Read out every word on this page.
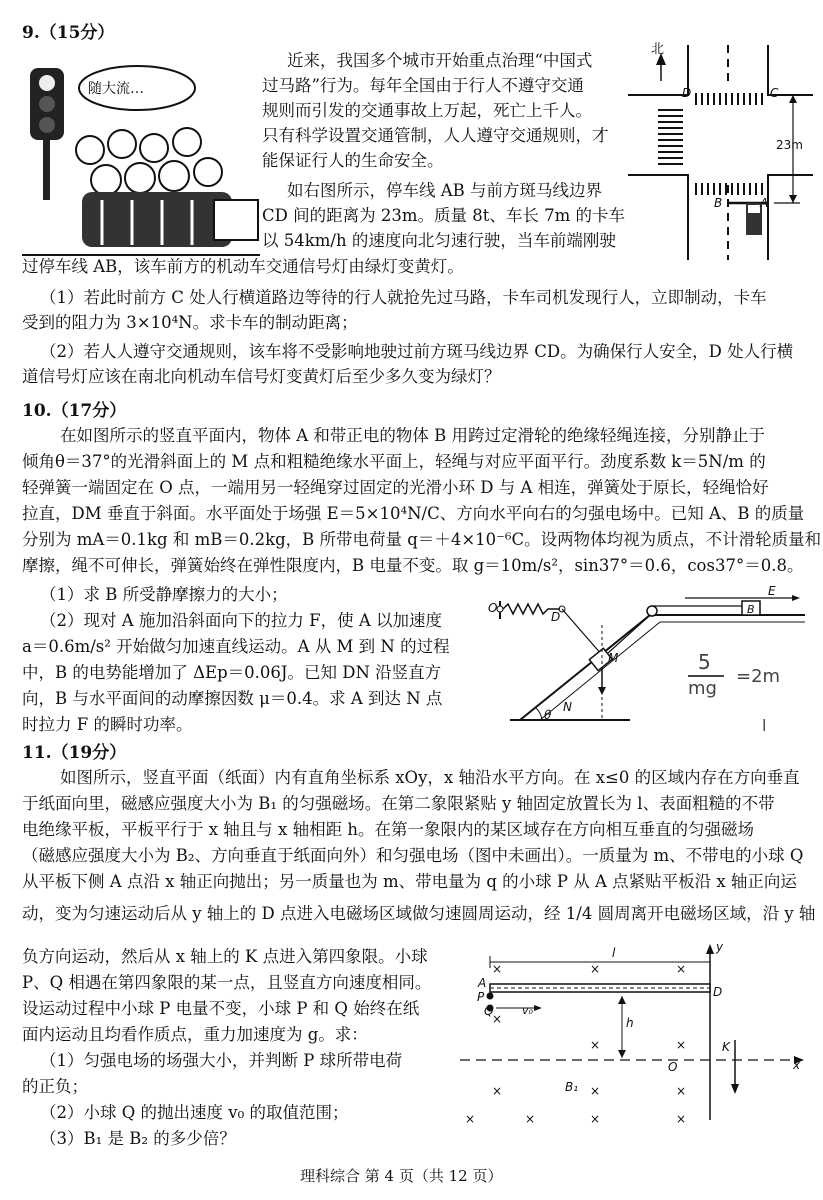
9.（15分）
随大流…
近来，我国多个城市开始重点治理“中国式
过马路”行为。每年全国由于行人不遵守交通
规则而引发的交通事故上万起，死亡上千人。
只有科学设置交通管制，人人遵守交通规则，才
能保证行人的生命安全。
如右图所示，停车线 AB 与前方斑马线边界
CD 间的距离为 23m。质量 8t、车长 7m 的卡车
以 54km/h 的速度向北匀速行驶，当车前端刚驶
过停车线 AB，该车前方的机动车交通信号灯由绿灯变黄灯。
北
C
D
A
B
23m
（1）若此时前方 C 处人行横道路边等待的行人就抢先过马路，卡车司机发现行人，立即制动，卡车
受到的阻力为 3×10⁴N。求卡车的制动距离；
（2）若人人遵守交通规则，该车将不受影响地驶过前方斑马线边界 CD。为确保行人安全，D 处人行横
道信号灯应该在南北向机动车信号灯变黄灯后至少多久变为绿灯？
10.（17分）
在如图所示的竖直平面内，物体 A 和带正电的物体 B 用跨过定滑轮的绝缘轻绳连接，分别静止于
倾角θ＝37°的光滑斜面上的 M 点和粗糙绝缘水平面上，轻绳与对应平面平行。劲度系数 k＝5N/m 的
轻弹簧一端固定在 O 点，一端用另一轻绳穿过固定的光滑小环 D 与 A 相连，弹簧处于原长，轻绳恰好
拉直，DM 垂直于斜面。水平面处于场强 E＝5×10⁴N/C、方向水平向右的匀强电场中。已知 A、B 的质量
分别为 mA＝0.1kg 和 mB＝0.2kg，B 所带电荷量 q＝＋4×10⁻⁶C。设两物体均视为质点，不计滑轮质量和
摩擦，绳不可伸长，弹簧始终在弹性限度内，B 电量不变。取 g＝10m/s²，sin37°＝0.6，cos37°＝0.8。
（1）求 B 所受静摩擦力的大小；
（2）现对 A 施加沿斜面向下的拉力 F，使 A 以加速度
a＝0.6m/s² 开始做匀加速直线运动。A 从 M 到 N 的过程
中，B 的电势能增加了 ΔEp＝0.06J。已知 DN 沿竖直方
向，B 与水平面间的动摩擦因数 μ＝0.4。求 A 到达 N 点
时拉力 F 的瞬时功率。
O
D
E
B
M
N
θ
5
mg
=2m
l
11.（19分）
如图所示，竖直平面（纸面）内有直角坐标系 xOy，x 轴沿水平方向。在 x≤0 的区域内存在方向垂直
于纸面向里，磁感应强度大小为 B₁ 的匀强磁场。在第二象限紧贴 y 轴固定放置长为 l、表面粗糙的不带
电绝缘平板，平板平行于 x 轴且与 x 轴相距 h。在第一象限内的某区域存在方向相互垂直的匀强磁场
（磁感应强度大小为 B₂、方向垂直于纸面向外）和匀强电场（图中未画出）。一质量为 m、不带电的小球 Q
从平板下侧 A 点沿 x 轴正向抛出；另一质量也为 m、带电量为 q 的小球 P 从 A 点紧贴平板沿 x 轴正向运
动，变为匀速运动后从 y 轴上的 D 点进入电磁场区域做匀速圆周运动，经 1/4 圆周离开电磁场区域，沿 y 轴
负方向运动，然后从 x 轴上的 K 点进入第四象限。小球
P、Q 相遇在第四象限的某一点，且竖直方向速度相同。
设运动过程中小球 P 电量不变，小球 P 和 Q 始终在纸
面内运动且均看作质点，重力加速度为 g。求：
（1）匀强电场的场强大小，并判断 P 球所带电荷
的正负；
（2）小球 Q 的抛出速度 v₀ 的取值范围；
（3）B₁ 是 B₂ 的多少倍？
×	×	×
×
×	×
×	×	×
×	×	×	×
A
P
Q	v₀
l
D
h
O
K
x
y
B₁
理科综合 第 4 页（共 12 页）
